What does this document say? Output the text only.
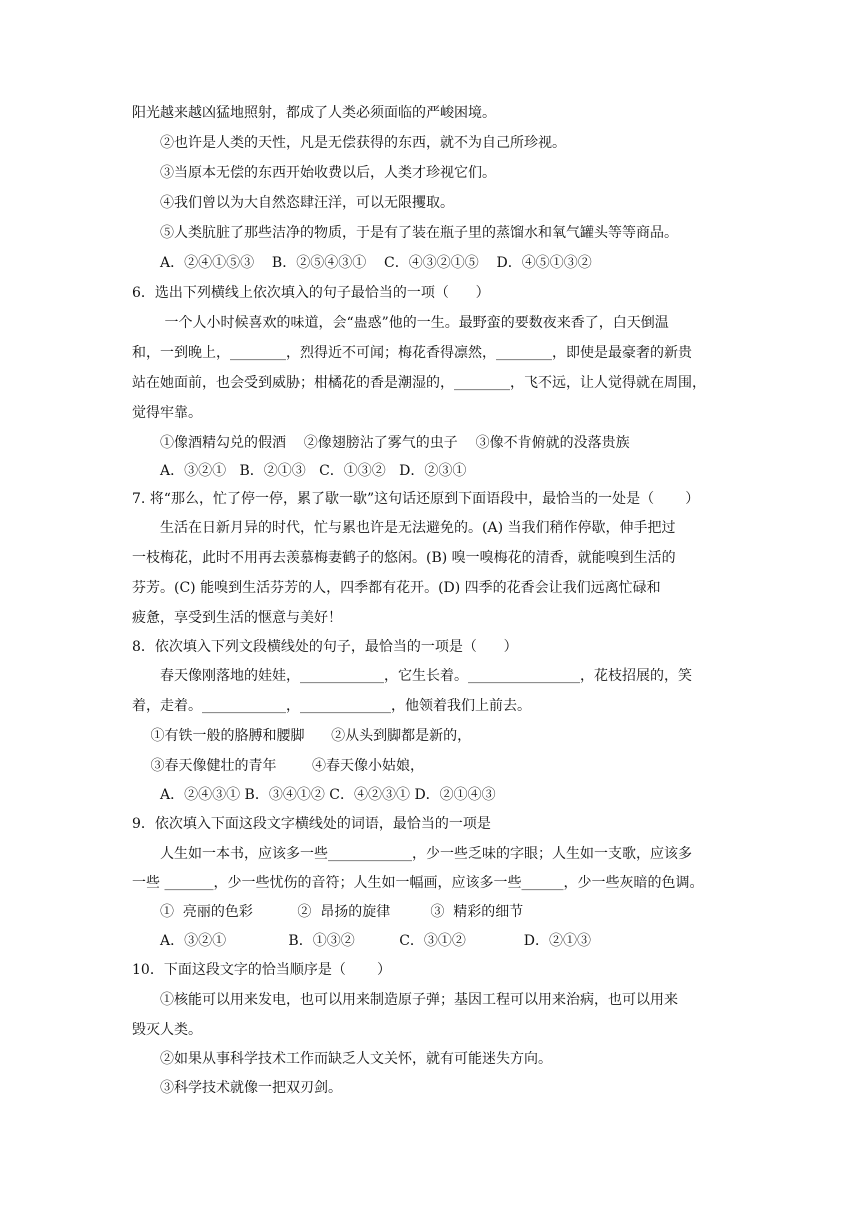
阳光越来越凶猛地照射，都成了人类必须面临的严峻困境。
②也许是人类的天性，凡是无偿获得的东西，就不为自己所珍视。
③当原本无偿的东西开始收费以后，人类才珍视它们。
④我们曾以为大自然恣肆汪洋，可以无限攫取。
⑤人类肮脏了那些洁净的物质，于是有了装在瓶子里的蒸馏水和氧气罐头等等商品。
A．②④①⑤③    B．②⑤④③①    C．④③②①⑤    D．④⑤①③②
6．选出下列横线上依次填入的句子最恰当的一项（      ）
一个人小时候喜欢的味道，会“蛊惑”他的一生。最野蛮的要数夜来香了，白天倒温
和，一到晚上，________，烈得近不可闻；梅花香得凛然，________，即使是最豪奢的新贵
站在她面前，也会受到威胁；柑橘花的香是潮湿的，________，飞不远，让人觉得就在周围，
觉得牢靠。
①像酒精勾兑的假酒    ②像翅膀沾了雾气的虫子    ③像不肯俯就的没落贵族
A．③②①   B．②①③   C．①③②   D．②③①
7. 将“那么，忙了停一停，累了歇一歇”这句话还原到下面语段中，最恰当的一处是（       ）
生活在日新月异的时代，忙与累也许是无法避免的。(A) 当我们稍作停歇，伸手把过
一枝梅花，此时不用再去羡慕梅妻鹤子的悠闲。(B) 嗅一嗅梅花的清香，就能嗅到生活的
芬芳。(C) 能嗅到生活芬芳的人，四季都有花开。(D) 四季的花香会让我们远离忙碌和
疲惫，享受到生活的惬意与美好！
8．依次填入下列文段横线处的句子，最恰当的一项是（      ）
春天像刚落地的娃娃，____________，它生长着。________________，花枝招展的，笑
着，走着。____________，_____________，他领着我们上前去。
①有铁一般的胳膊和腰脚      ②从头到脚都是新的，
③春天像健壮的青年        ④春天像小姑娘，
A．②④③① B．③④①② C．④②③① D．②①④③
9．依次填入下面这段文字横线处的词语，最恰当的一项是
人生如一本书，应该多一些____________，少一些乏味的字眼；人生如一支歌，应该多
一些 _______，少一些忧伤的音符；人生如一幅画，应该多一些______，少一些灰暗的色调。
①  亮丽的色彩          ②  昂扬的旋律         ③  精彩的细节
A．③②①              B．①③②          C．③①②             D．②①③
10．下面这段文字的恰当顺序是（       ）
①核能可以用来发电，也可以用来制造原子弹；基因工程可以用来治病，也可以用来
毁灭人类。
②如果从事科学技术工作而缺乏人文关怀，就有可能迷失方向。
③科学技术就像一把双刃剑。
